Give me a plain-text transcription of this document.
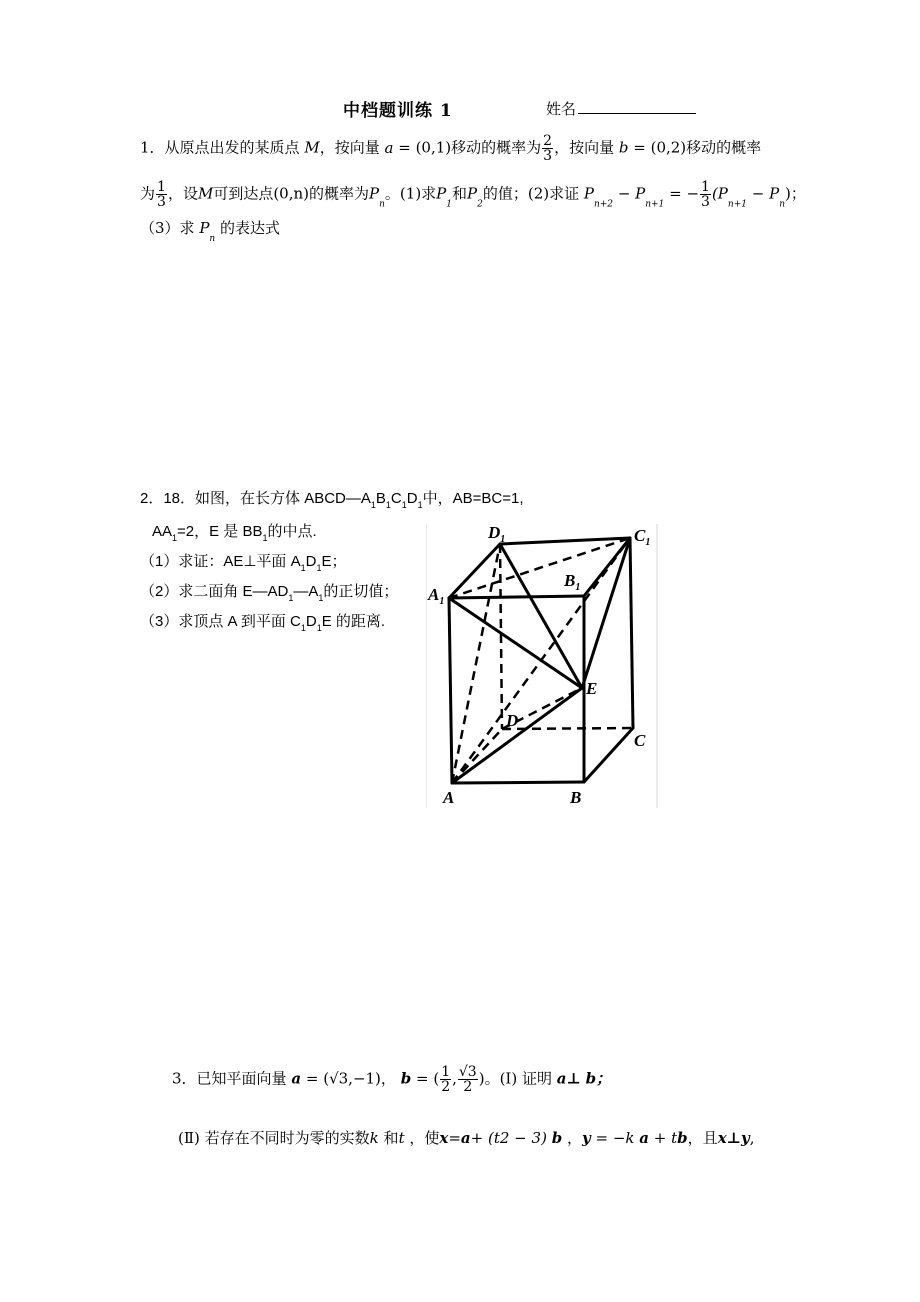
中档题训练 1	姓名
1．从原点出发的某质点 M，按向量 a = (0,1)移动的概率为 $\frac{2}{3}$ ，按向量 b = (0,2)移动的概率
为 $\frac{1}{3}$ ，设M可到达点(0,n)的概率为$P_n$。(1)求$P_1$和$P_2$的值；(2)求证 $P_{n+2} - P_{n+1}$ = − $\frac{1}{3} (P_{n+1} - P_n)$；
（3）求 $P_n$ 的表达式
2．18．如图，在长方体 $ABCD—A_1B_1C_1D_1$中，AB=BC=1,
$AA_1=2$，E 是 $BB_1$的中点.
（1）求证：AE⊥平面 $A_1D_1E$；
（2）求二面角 $E—AD_1—A_1$的正切值；
（3）求顶点 A 到平面 $C_1D_1E$ 的距离.
$D_1$	$C_1$
$A_1$
$B_1$
E
D
C
A	B
3．已知平面向量 a = (√3,−1)， b = ( $\frac{1}{2}$ , $\frac{√3}{2}$ )。(Ⅰ) 证明 a⊥ b；
(Ⅱ) 若存在不同时为零的实数k 和t ，使x=a+ (t2 − 3) b ，y = −k a + tb，且x⊥y,
